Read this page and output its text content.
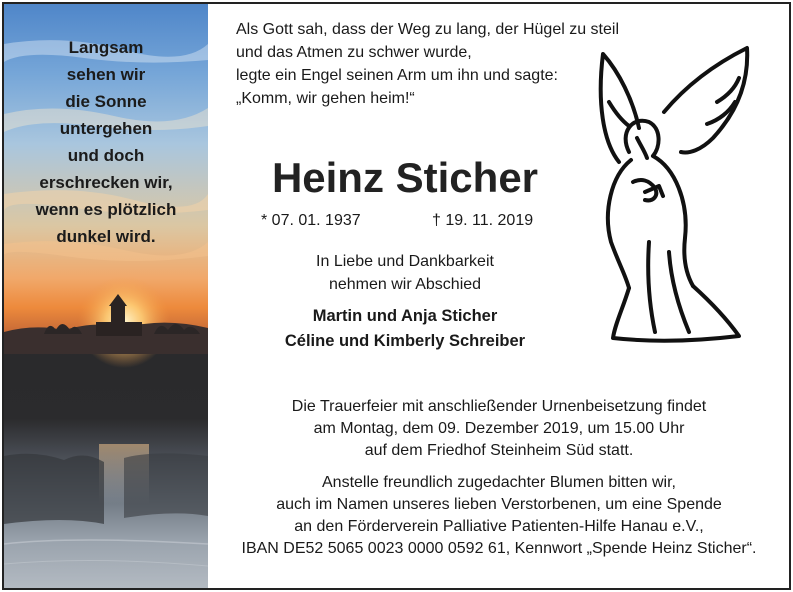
Langsam
sehen wir
die Sonne
untergehen
und doch
erschrecken wir,
wenn es plötzlich
dunkel wird.
Als Gott sah, dass der Weg zu lang, der Hügel zu steil
und das Atmen zu schwer wurde,
legte ein Engel seinen Arm um ihn und sagte:
„Komm, wir gehen heim!“
Heinz Sticher
* 07. 01. 1937	† 19. 11. 2019
In Liebe und Dankbarkeit
nehmen wir Abschied
Martin und Anja Sticher
Céline und Kimberly Schreiber
Die Trauerfeier mit anschließender Urnenbeisetzung findet
am Montag, dem 09. Dezember 2019, um 15.00 Uhr
auf dem Friedhof Steinheim Süd statt.
Anstelle freundlich zugedachter Blumen bitten wir,
auch im Namen unseres lieben Verstorbenen, um eine Spende
an den Förderverein Palliative Patienten-Hilfe Hanau e.V.,
IBAN DE52 5065 0023 0000 0592 61, Kennwort „Spende Heinz Sticher“.
